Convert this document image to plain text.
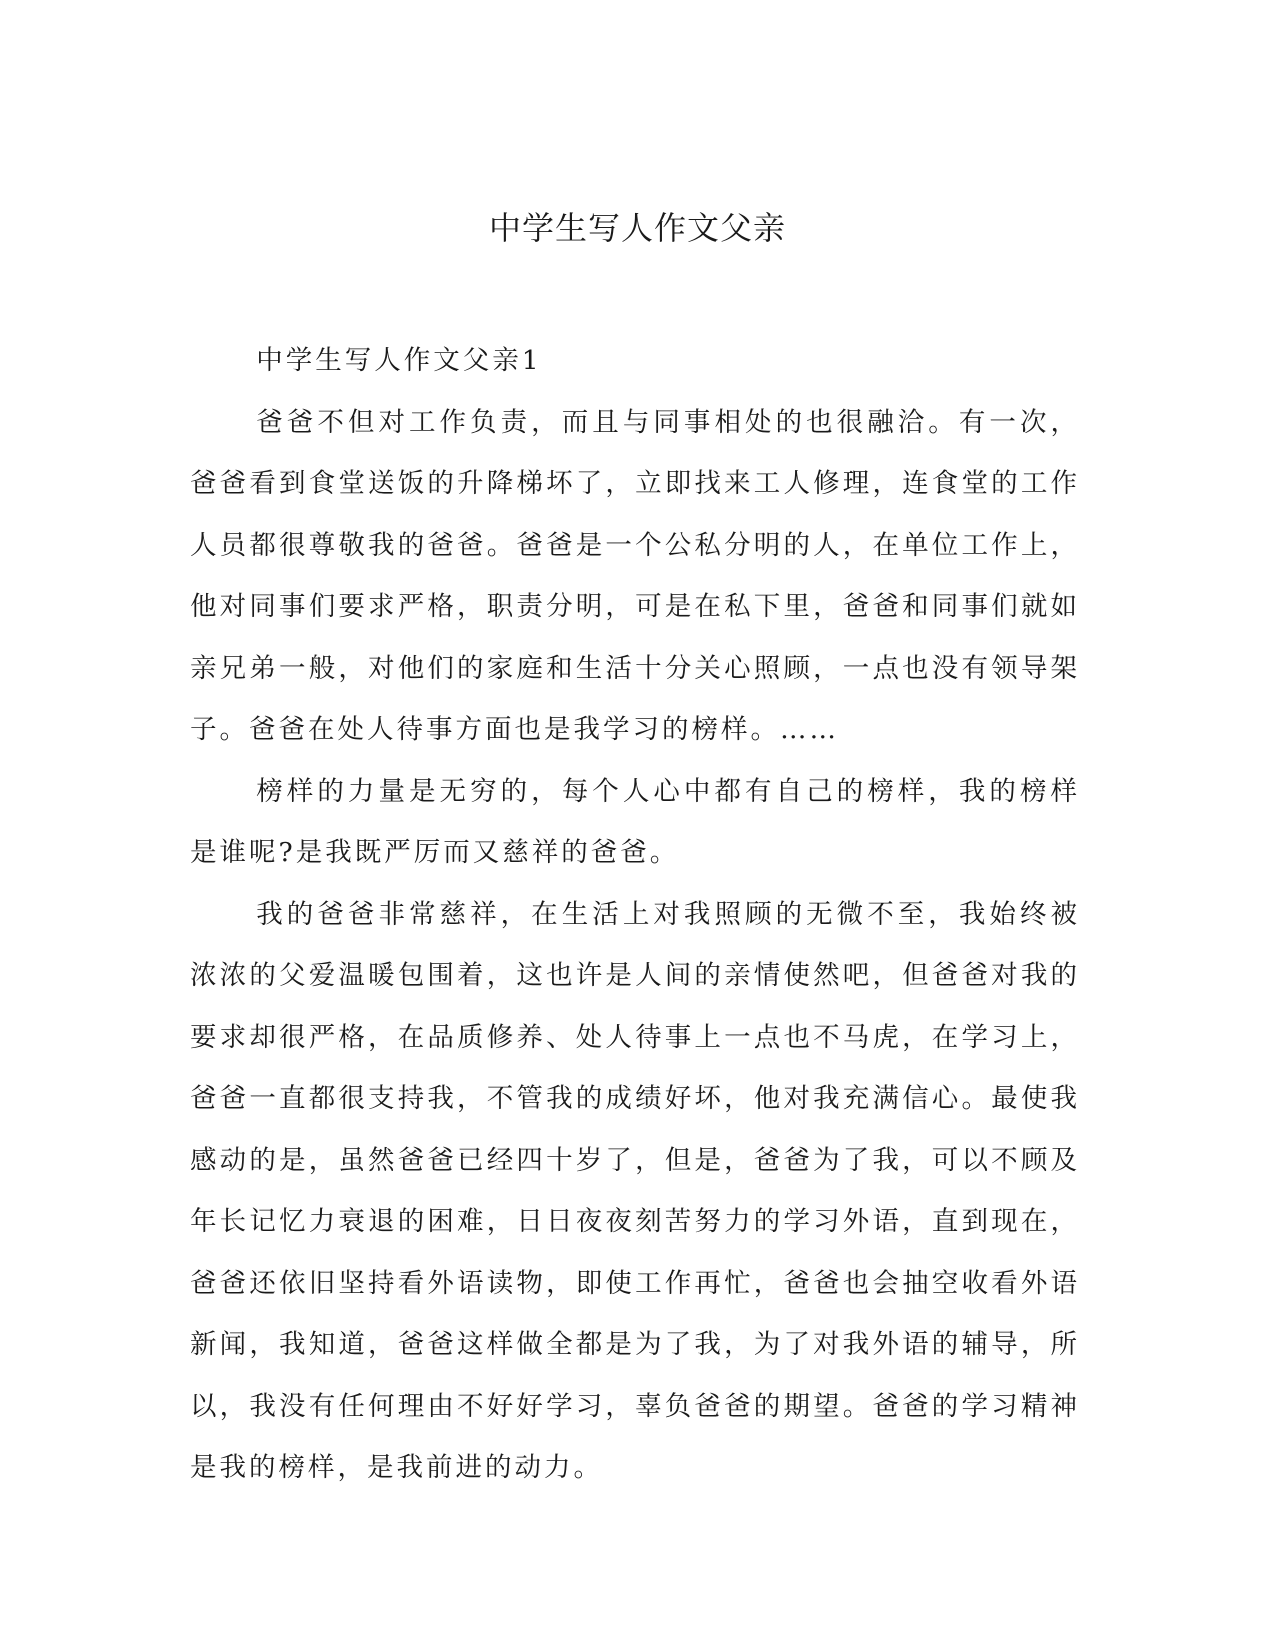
中学生写人作文父亲

中学生写人作文父亲1

爸爸不但对工作负责，而且与同事相处的也很融洽。有一次，爸爸看到食堂送饭的升降梯坏了，立即找来工人修理，连食堂的工作人员都很尊敬我的爸爸。爸爸是一个公私分明的人，在单位工作上，他对同事们要求严格，职责分明，可是在私下里，爸爸和同事们就如亲兄弟一般，对他们的家庭和生活十分关心照顾，一点也没有领导架子。爸爸在处人待事方面也是我学习的榜样。……

榜样的力量是无穷的，每个人心中都有自己的榜样，我的榜样是谁呢?是我既严厉而又慈祥的爸爸。

我的爸爸非常慈祥，在生活上对我照顾的无微不至，我始终被浓浓的父爱温暖包围着，这也许是人间的亲情使然吧，但爸爸对我的要求却很严格，在品质修养、处人待事上一点也不马虎，在学习上，爸爸一直都很支持我，不管我的成绩好坏，他对我充满信心。最使我感动的是，虽然爸爸已经四十岁了，但是，爸爸为了我，可以不顾及年长记忆力衰退的困难，日日夜夜刻苦努力的学习外语，直到现在，爸爸还依旧坚持看外语读物，即使工作再忙，爸爸也会抽空收看外语新闻，我知道，爸爸这样做全都是为了我，为了对我外语的辅导，所以，我没有任何理由不好好学习，辜负爸爸的期望。爸爸的学习精神是我的榜样，是我前进的动力。
